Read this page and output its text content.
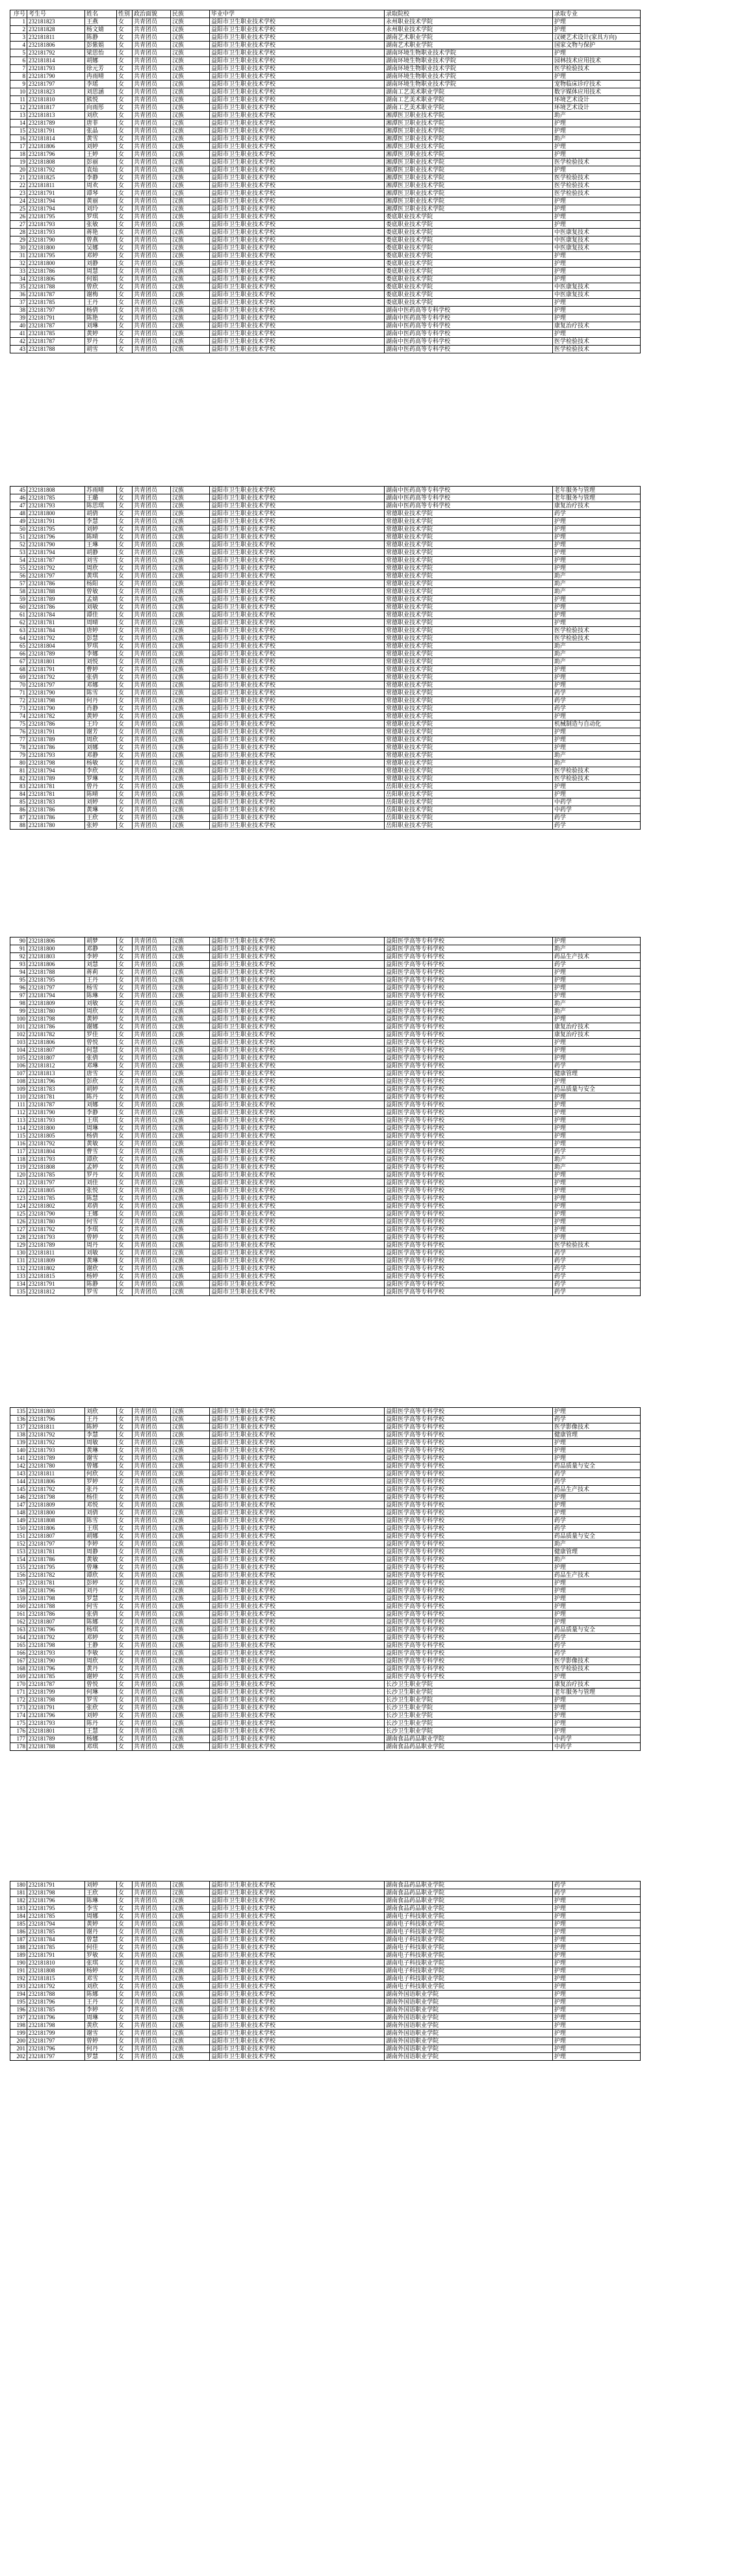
序号	考生号	姓名	性别	政治面貌	民族	毕业中学	录取院校	录取专业
1	232181823	王燕	女	共青团员	汉族	益阳市卫生职业技术学校	永州职业技术学院	护理
2	232181828	杨文婧	女	共青团员	汉族	益阳市卫生职业技术学校	永州职业技术学院	护理
3	232181811	陈静	女	共青团员	汉族	益阳市卫生职业技术学校	湖南艺术职业学院	汉硬艺术设计(家具方向)
4	232181806	彭紫娟	女	共青团员	汉族	益阳市卫生职业技术学校	湖南艺术职业学院	国家文物与保护
5	232181792	梁思怡	女	共青团员	汉族	益阳市卫生职业技术学校	湖南环境生物职业技术学院	护理
6	232181814	胡娜	女	共青团员	汉族	益阳市卫生职业技术学校	湖南环境生物职业技术学院	园林技术应用技术
7	232181793	徐元芳	女	共青团员	汉族	益阳市卫生职业技术学校	湖南环境生物职业技术学院	医学检验技术
8	232181790	冉雨晴	女	共青团员	汉族	益阳市卫生职业技术学校	湖南环境生物职业技术学院	护理
9	232181797	李瑶	女	共青团员	汉族	益阳市卫生职业技术学校	湖南环境生物职业技术学院	宠物临床诊疗技术
10	232181823	刘思涵	女	共青团员	汉族	益阳市卫生职业技术学校	湖南工艺美术职业学院	数字媒体应用技术
11	232181810	熊悦	女	共青团员	汉族	益阳市卫生职业技术学校	湖南工艺美术职业学院	环境艺术设计
12	232181817	向雨彤	女	共青团员	汉族	益阳市卫生职业技术学校	湖南工艺美术职业学院	环境艺术设计
13	232181813	刘欣	女	共青团员	汉族	益阳市卫生职业技术学校	湘潭医卫职业技术学院	助产
14	232181789	唐菲	女	共青团员	汉族	益阳市卫生职业技术学校	湘潭医卫职业技术学院	护理
15	232181791	张晶	女	共青团员	汉族	益阳市卫生职业技术学校	湘潭医卫职业技术学院	护理
16	232181814	黄雪	女	共青团员	汉族	益阳市卫生职业技术学校	湘潭医卫职业技术学院	助产
17	232181806	刘婷	女	共青团员	汉族	益阳市卫生职业技术学校	湘潭医卫职业技术学院	护理
18	232181796	王婷	女	共青团员	汉族	益阳市卫生职业技术学校	湘潭医卫职业技术学院	护理
19	232181808	彭丽	女	共青团员	汉族	益阳市卫生职业技术学校	湘潭医卫职业技术学院	医学检验技术
20	232181792	袁灿	女	共青团员	汉族	益阳市卫生职业技术学校	湘潭医卫职业技术学院	护理
21	232181825	李静	女	共青团员	汉族	益阳市卫生职业技术学校	湘潭医卫职业技术学院	医学检验技术
22	232181811	周欢	女	共青团员	汉族	益阳市卫生职业技术学校	湘潭医卫职业技术学院	医学检验技术
23	232181791	谭琴	女	共青团员	汉族	益阳市卫生职业技术学校	湘潭医卫职业技术学院	医学检验技术
24	232181794	黄丽	女	共青团员	汉族	益阳市卫生职业技术学校	湘潭医卫职业技术学院	护理
25	232181794	刘玲	女	共青团员	汉族	益阳市卫生职业技术学校	湘潭医卫职业技术学院	护理
26	232181795	罗琪	女	共青团员	汉族	益阳市卫生职业技术学校	娄底职业技术学院	护理
27	232181793	张敏	女	共青团员	汉族	益阳市卫生职业技术学校	娄底职业技术学院	护理
28	232181793	蒋艳	女	共青团员	汉族	益阳市卫生职业技术学校	娄底职业技术学院	中医康复技术
29	232181790	曾燕	女	共青团员	汉族	益阳市卫生职业技术学校	娄底职业技术学院	中医康复技术
30	232181800	吴娜	女	共青团员	汉族	益阳市卫生职业技术学校	娄底职业技术学院	中医康复技术
31	232181795	邓婷	女	共青团员	汉族	益阳市卫生职业技术学校	娄底职业技术学院	护理
32	232181800	刘静	女	共青团员	汉族	益阳市卫生职业技术学校	娄底职业技术学院	护理
33	232181786	周慧	女	共青团员	汉族	益阳市卫生职业技术学校	娄底职业技术学院	护理
34	232181806	何娟	女	共青团员	汉族	益阳市卫生职业技术学校	娄底职业技术学院	护理
35	232181788	曾欣	女	共青团员	汉族	益阳市卫生职业技术学校	娄底职业技术学院	中医康复技术
36	232181787	谢梅	女	共青团员	汉族	益阳市卫生职业技术学校	娄底职业技术学院	中医康复技术
37	232181785	王丹	女	共青团员	汉族	益阳市卫生职业技术学校	娄底职业技术学院	护理
38	232181797	杨倩	女	共青团员	汉族	益阳市卫生职业技术学校	湖南中医药高等专科学校	护理
39	232181791	陈艳	女	共青团员	汉族	益阳市卫生职业技术学校	湖南中医药高等专科学校	护理
40	232181787	刘琳	女	共青团员	汉族	益阳市卫生职业技术学校	湖南中医药高等专科学校	康复治疗技术
41	232181785	黄婷	女	共青团员	汉族	益阳市卫生职业技术学校	湖南中医药高等专科学校	护理
42	232181787	罗丹	女	共青团员	汉族	益阳市卫生职业技术学校	湖南中医药高等专科学校	医学检验技术
43	232181788	胡雪	女	共青团员	汉族	益阳市卫生职业技术学校	湖南中医药高等专科学校	医学检验技术
45	232181808	苏雨晴	女	共青团员	汉族	益阳市卫生职业技术学校	湖南中医药高等专科学校	老年服务与管理
46	232181785	王璐	女	共青团员	汉族	益阳市卫生职业技术学校	湖南中医药高等专科学校	老年服务与管理
47	232181793	陈思琪	女	共青团员	汉族	益阳市卫生职业技术学校	湖南中医药高等专科学校	康复治疗技术
48	232181800	胡倩	女	共青团员	汉族	益阳市卫生职业技术学校	常德职业技术学院	药学
49	232181791	李慧	女	共青团员	汉族	益阳市卫生职业技术学校	常德职业技术学院	护理
50	232181795	刘婷	女	共青团员	汉族	益阳市卫生职业技术学校	常德职业技术学院	护理
51	232181796	陈晴	女	共青团员	汉族	益阳市卫生职业技术学校	常德职业技术学院	护理
52	232181790	王琳	女	共青团员	汉族	益阳市卫生职业技术学校	常德职业技术学院	护理
53	232181794	胡静	女	共青团员	汉族	益阳市卫生职业技术学校	常德职业技术学院	护理
54	232181787	刘雪	女	共青团员	汉族	益阳市卫生职业技术学校	常德职业技术学院	护理
55	232181792	周欣	女	共青团员	汉族	益阳市卫生职业技术学校	常德职业技术学院	护理
56	232181797	黄琪	女	共青团员	汉族	益阳市卫生职业技术学校	常德职业技术学院	助产
57	232181786	杨阳	女	共青团员	汉族	益阳市卫生职业技术学校	常德职业技术学院	助产
58	232181788	曾敏	女	共青团员	汉族	益阳市卫生职业技术学校	常德职业技术学院	助产
59	232181789	孟婧	女	共青团员	汉族	益阳市卫生职业技术学校	常德职业技术学院	护理
60	232181786	刘敏	女	共青团员	汉族	益阳市卫生职业技术学校	常德职业技术学院	护理
61	232181784	谭佳	女	共青团员	汉族	益阳市卫生职业技术学校	常德职业技术学院	护理
62	232181781	周晴	女	共青团员	汉族	益阳市卫生职业技术学校	常德职业技术学院	护理
63	232181784	唐婷	女	共青团员	汉族	益阳市卫生职业技术学校	常德职业技术学院	医学检验技术
64	232181792	彭慧	女	共青团员	汉族	益阳市卫生职业技术学校	常德职业技术学院	医学检验技术
65	232181804	罗琪	女	共青团员	汉族	益阳市卫生职业技术学校	常德职业技术学院	助产
66	232181789	李娜	女	共青团员	汉族	益阳市卫生职业技术学校	常德职业技术学院	助产
67	232181801	刘悦	女	共青团员	汉族	益阳市卫生职业技术学校	常德职业技术学院	助产
68	232181791	曹婷	女	共青团员	汉族	益阳市卫生职业技术学校	常德职业技术学院	护理
69	232181792	张倩	女	共青团员	汉族	益阳市卫生职业技术学校	常德职业技术学院	护理
70	232181797	邓娜	女	共青团员	汉族	益阳市卫生职业技术学校	常德职业技术学院	护理
71	232181790	陈雪	女	共青团员	汉族	益阳市卫生职业技术学校	常德职业技术学院	药学
72	232181798	何丹	女	共青团员	汉族	益阳市卫生职业技术学校	常德职业技术学院	药学
73	232181790	肖静	女	共青团员	汉族	益阳市卫生职业技术学校	常德职业技术学院	药学
74	232181782	黄婷	女	共青团员	汉族	益阳市卫生职业技术学校	常德职业技术学院	护理
75	232181786	王玲	女	共青团员	汉族	益阳市卫生职业技术学校	常德职业技术学院	机械制造与自动化
76	232181791	谢芳	女	共青团员	汉族	益阳市卫生职业技术学校	常德职业技术学院	护理
77	232181789	周欣	女	共青团员	汉族	益阳市卫生职业技术学校	常德职业技术学院	护理
78	232181786	刘娜	女	共青团员	汉族	益阳市卫生职业技术学校	常德职业技术学院	护理
79	232181793	邓静	女	共青团员	汉族	益阳市卫生职业技术学校	常德职业技术学院	助产
80	232181798	杨敏	女	共青团员	汉族	益阳市卫生职业技术学校	常德职业技术学院	助产
81	232181794	李欣	女	共青团员	汉族	益阳市卫生职业技术学校	常德职业技术学院	医学检验技术
82	232181789	罗琳	女	共青团员	汉族	益阳市卫生职业技术学校	常德职业技术学院	医学检验技术
83	232181781	曾丹	女	共青团员	汉族	益阳市卫生职业技术学校	岳阳职业技术学院	护理
84	232181781	陈晴	女	共青团员	汉族	益阳市卫生职业技术学校	岳阳职业技术学院	护理
85	232181783	刘婷	女	共青团员	汉族	益阳市卫生职业技术学校	岳阳职业技术学院	中药学
86	232181786	黄琳	女	共青团员	汉族	益阳市卫生职业技术学校	岳阳职业技术学院	中药学
87	232181786	王欣	女	共青团员	汉族	益阳市卫生职业技术学校	岳阳职业技术学院	药学
88	232181780	张婷	女	共青团员	汉族	益阳市卫生职业技术学校	岳阳职业技术学院	药学
90	232181806	胡梦	女	共青团员	汉族	益阳市卫生职业技术学校	益阳医学高等专科学校	护理
91	232181800	邓静	女	共青团员	汉族	益阳市卫生职业技术学校	益阳医学高等专科学校	助产
92	232181803	李婷	女	共青团员	汉族	益阳市卫生职业技术学校	益阳医学高等专科学校	药品生产技术
93	232181806	刘慧	女	共青团员	汉族	益阳市卫生职业技术学校	益阳医学高等专科学校	药学
94	232181788	蒋莉	女	共青团员	汉族	益阳市卫生职业技术学校	益阳医学高等专科学校	护理
95	232181795	王丹	女	共青团员	汉族	益阳市卫生职业技术学校	益阳医学高等专科学校	护理
96	232181797	杨雪	女	共青团员	汉族	益阳市卫生职业技术学校	益阳医学高等专科学校	护理
97	232181794	陈琳	女	共青团员	汉族	益阳市卫生职业技术学校	益阳医学高等专科学校	护理
98	232181809	刘敏	女	共青团员	汉族	益阳市卫生职业技术学校	益阳医学高等专科学校	助产
99	232181780	周欣	女	共青团员	汉族	益阳市卫生职业技术学校	益阳医学高等专科学校	助产
100	232181798	黄婷	女	共青团员	汉族	益阳市卫生职业技术学校	益阳医学高等专科学校	护理
101	232181786	谢娜	女	共青团员	汉族	益阳市卫生职业技术学校	益阳医学高等专科学校	康复治疗技术
102	232181782	罗佳	女	共青团员	汉族	益阳市卫生职业技术学校	益阳医学高等专科学校	康复治疗技术
103	232181806	曾悦	女	共青团员	汉族	益阳市卫生职业技术学校	益阳医学高等专科学校	护理
104	232181807	何慧	女	共青团员	汉族	益阳市卫生职业技术学校	益阳医学高等专科学校	护理
105	232181807	张倩	女	共青团员	汉族	益阳市卫生职业技术学校	益阳医学高等专科学校	护理
106	232181812	邓琳	女	共青团员	汉族	益阳市卫生职业技术学校	益阳医学高等专科学校	药学
107	232181813	唐雪	女	共青团员	汉族	益阳市卫生职业技术学校	益阳医学高等专科学校	健康管理
108	232181796	彭欣	女	共青团员	汉族	益阳市卫生职业技术学校	益阳医学高等专科学校	护理
109	232181783	胡婷	女	共青团员	汉族	益阳市卫生职业技术学校	益阳医学高等专科学校	药品质量与安全
110	232181781	陈丹	女	共青团员	汉族	益阳市卫生职业技术学校	益阳医学高等专科学校	护理
111	232181787	刘娜	女	共青团员	汉族	益阳市卫生职业技术学校	益阳医学高等专科学校	护理
112	232181790	李静	女	共青团员	汉族	益阳市卫生职业技术学校	益阳医学高等专科学校	护理
113	232181793	王琪	女	共青团员	汉族	益阳市卫生职业技术学校	益阳医学高等专科学校	护理
114	232181800	周琳	女	共青团员	汉族	益阳市卫生职业技术学校	益阳医学高等专科学校	护理
115	232181805	杨倩	女	共青团员	汉族	益阳市卫生职业技术学校	益阳医学高等专科学校	护理
116	232181792	黄敏	女	共青团员	汉族	益阳市卫生职业技术学校	益阳医学高等专科学校	护理
117	232181804	曹雪	女	共青团员	汉族	益阳市卫生职业技术学校	益阳医学高等专科学校	药学
118	232181793	谭欣	女	共青团员	汉族	益阳市卫生职业技术学校	益阳医学高等专科学校	助产
119	232181808	孟婷	女	共青团员	汉族	益阳市卫生职业技术学校	益阳医学高等专科学校	助产
120	232181785	罗丹	女	共青团员	汉族	益阳市卫生职业技术学校	益阳医学高等专科学校	护理
121	232181797	刘佳	女	共青团员	汉族	益阳市卫生职业技术学校	益阳医学高等专科学校	护理
122	232181805	张悦	女	共青团员	汉族	益阳市卫生职业技术学校	益阳医学高等专科学校	护理
123	232181785	陈慧	女	共青团员	汉族	益阳市卫生职业技术学校	益阳医学高等专科学校	护理
124	232181802	邓倩	女	共青团员	汉族	益阳市卫生职业技术学校	益阳医学高等专科学校	护理
125	232181790	王娜	女	共青团员	汉族	益阳市卫生职业技术学校	益阳医学高等专科学校	护理
126	232181780	何雪	女	共青团员	汉族	益阳市卫生职业技术学校	益阳医学高等专科学校	护理
127	232181792	李琪	女	共青团员	汉族	益阳市卫生职业技术学校	益阳医学高等专科学校	护理
128	232181793	曾婷	女	共青团员	汉族	益阳市卫生职业技术学校	益阳医学高等专科学校	护理
129	232181789	周丹	女	共青团员	汉族	益阳市卫生职业技术学校	益阳医学高等专科学校	医学检验技术
130	232181811	刘敏	女	共青团员	汉族	益阳市卫生职业技术学校	益阳医学高等专科学校	药学
131	232181809	黄琳	女	共青团员	汉族	益阳市卫生职业技术学校	益阳医学高等专科学校	药学
132	232181802	谢欣	女	共青团员	汉族	益阳市卫生职业技术学校	益阳医学高等专科学校	药学
133	232181815	杨婷	女	共青团员	汉族	益阳市卫生职业技术学校	益阳医学高等专科学校	药学
134	232181791	陈静	女	共青团员	汉族	益阳市卫生职业技术学校	益阳医学高等专科学校	药学
135	232181812	罗雪	女	共青团员	汉族	益阳市卫生职业技术学校	益阳医学高等专科学校	药学
135	232181803	刘欣	女	共青团员	汉族	益阳市卫生职业技术学校	益阳医学高等专科学校	护理
136	232181796	王丹	女	共青团员	汉族	益阳市卫生职业技术学校	益阳医学高等专科学校	药学
137	232181811	陈婷	女	共青团员	汉族	益阳市卫生职业技术学校	益阳医学高等专科学校	医学影像技术
138	232181792	李慧	女	共青团员	汉族	益阳市卫生职业技术学校	益阳医学高等专科学校	健康管理
139	232181792	周敏	女	共青团员	汉族	益阳市卫生职业技术学校	益阳医学高等专科学校	护理
140	232181793	黄琳	女	共青团员	汉族	益阳市卫生职业技术学校	益阳医学高等专科学校	护理
141	232181789	谢雪	女	共青团员	汉族	益阳市卫生职业技术学校	益阳医学高等专科学校	护理
142	232181780	曾娜	女	共青团员	汉族	益阳市卫生职业技术学校	益阳医学高等专科学校	药品质量与安全
143	232181811	何欣	女	共青团员	汉族	益阳市卫生职业技术学校	益阳医学高等专科学校	药学
144	232181806	罗婷	女	共青团员	汉族	益阳市卫生职业技术学校	益阳医学高等专科学校	药学
145	232181792	张丹	女	共青团员	汉族	益阳市卫生职业技术学校	益阳医学高等专科学校	药品生产技术
146	232181798	杨佳	女	共青团员	汉族	益阳市卫生职业技术学校	益阳医学高等专科学校	护理
147	232181809	邓悦	女	共青团员	汉族	益阳市卫生职业技术学校	益阳医学高等专科学校	护理
148	232181800	刘倩	女	共青团员	汉族	益阳市卫生职业技术学校	益阳医学高等专科学校	护理
149	232181808	陈雪	女	共青团员	汉族	益阳市卫生职业技术学校	益阳医学高等专科学校	药学
150	232181806	王琪	女	共青团员	汉族	益阳市卫生职业技术学校	益阳医学高等专科学校	药学
151	232181807	胡娜	女	共青团员	汉族	益阳市卫生职业技术学校	益阳医学高等专科学校	药品质量与安全
152	232181797	李婷	女	共青团员	汉族	益阳市卫生职业技术学校	益阳医学高等专科学校	助产
153	232181781	周静	女	共青团员	汉族	益阳市卫生职业技术学校	益阳医学高等专科学校	健康管理
154	232181786	黄敏	女	共青团员	汉族	益阳市卫生职业技术学校	益阳医学高等专科学校	助产
155	232181795	曾琳	女	共青团员	汉族	益阳市卫生职业技术学校	益阳医学高等专科学校	护理
156	232181782	谭欣	女	共青团员	汉族	益阳市卫生职业技术学校	益阳医学高等专科学校	药品生产技术
157	232181781	彭婷	女	共青团员	汉族	益阳市卫生职业技术学校	益阳医学高等专科学校	护理
158	232181796	刘丹	女	共青团员	汉族	益阳市卫生职业技术学校	益阳医学高等专科学校	护理
159	232181798	罗慧	女	共青团员	汉族	益阳市卫生职业技术学校	益阳医学高等专科学校	护理
160	232181788	何雪	女	共青团员	汉族	益阳市卫生职业技术学校	益阳医学高等专科学校	护理
161	232181786	张倩	女	共青团员	汉族	益阳市卫生职业技术学校	益阳医学高等专科学校	护理
162	232181807	陈娜	女	共青团员	汉族	益阳市卫生职业技术学校	益阳医学高等专科学校	护理
163	232181796	杨琪	女	共青团员	汉族	益阳市卫生职业技术学校	益阳医学高等专科学校	药品质量与安全
164	232181792	邓婷	女	共青团员	汉族	益阳市卫生职业技术学校	益阳医学高等专科学校	药学
165	232181798	王静	女	共青团员	汉族	益阳市卫生职业技术学校	益阳医学高等专科学校	药学
166	232181793	李敏	女	共青团员	汉族	益阳市卫生职业技术学校	益阳医学高等专科学校	药学
167	232181790	周欣	女	共青团员	汉族	益阳市卫生职业技术学校	益阳医学高等专科学校	医学影像技术
168	232181796	黄丹	女	共青团员	汉族	益阳市卫生职业技术学校	益阳医学高等专科学校	医学检验技术
169	232181785	谢婷	女	共青团员	汉族	益阳市卫生职业技术学校	益阳医学高等专科学校	护理
170	232181787	曾悦	女	共青团员	汉族	益阳市卫生职业技术学校	长沙卫生职业学院	康复治疗技术
171	232181799	何琳	女	共青团员	汉族	益阳市卫生职业技术学校	长沙卫生职业学院	老年服务与管理
172	232181798	罗雪	女	共青团员	汉族	益阳市卫生职业技术学校	长沙卫生职业学院	护理
173	232181791	张欣	女	共青团员	汉族	益阳市卫生职业技术学校	长沙卫生职业学院	护理
174	232181796	刘婷	女	共青团员	汉族	益阳市卫生职业技术学校	长沙卫生职业学院	护理
175	232181793	陈丹	女	共青团员	汉族	益阳市卫生职业技术学校	长沙卫生职业学院	护理
176	232181801	王慧	女	共青团员	汉族	益阳市卫生职业技术学校	长沙卫生职业学院	护理
177	232181789	杨娜	女	共青团员	汉族	益阳市卫生职业技术学校	湖南食品药品职业学院	中药学
178	232181788	邓琪	女	共青团员	汉族	益阳市卫生职业技术学校	湖南食品药品职业学院	中药学
180	232181791	刘婷	女	共青团员	汉族	益阳市卫生职业技术学校	湖南食品药品职业学院	药学
181	232181798	王欣	女	共青团员	汉族	益阳市卫生职业技术学校	湖南食品药品职业学院	药学
182	232181796	陈琳	女	共青团员	汉族	益阳市卫生职业技术学校	湖南食品药品职业学院	护理
183	232181795	李雪	女	共青团员	汉族	益阳市卫生职业技术学校	湖南食品药品职业学院	护理
184	232181785	周娜	女	共青团员	汉族	益阳市卫生职业技术学校	湖南电子科技职业学院	护理
185	232181794	黄婷	女	共青团员	汉族	益阳市卫生职业技术学校	湖南电子科技职业学院	护理
186	232181785	谢丹	女	共青团员	汉族	益阳市卫生职业技术学校	湖南电子科技职业学院	护理
187	232181784	曾慧	女	共青团员	汉族	益阳市卫生职业技术学校	湖南电子科技职业学院	护理
188	232181785	何佳	女	共青团员	汉族	益阳市卫生职业技术学校	湖南电子科技职业学院	护理
189	232181791	罗敏	女	共青团员	汉族	益阳市卫生职业技术学校	湖南电子科技职业学院	护理
190	232181810	张琪	女	共青团员	汉族	益阳市卫生职业技术学校	湖南电子科技职业学院	护理
191	232181808	杨婷	女	共青团员	汉族	益阳市卫生职业技术学校	湖南电子科技职业学院	护理
192	232181815	邓雪	女	共青团员	汉族	益阳市卫生职业技术学校	湖南电子科技职业学院	护理
193	232181792	刘欣	女	共青团员	汉族	益阳市卫生职业技术学校	湖南电子科技职业学院	护理
194	232181788	陈娜	女	共青团员	汉族	益阳市卫生职业技术学校	湖南外国语职业学院	护理
195	232181796	王丹	女	共青团员	汉族	益阳市卫生职业技术学校	湖南外国语职业学院	护理
196	232181785	李婷	女	共青团员	汉族	益阳市卫生职业技术学校	湖南外国语职业学院	护理
197	232181796	周琳	女	共青团员	汉族	益阳市卫生职业技术学校	湖南外国语职业学院	护理
198	232181798	黄欣	女	共青团员	汉族	益阳市卫生职业技术学校	湖南外国语职业学院	护理
199	232181799	谢雪	女	共青团员	汉族	益阳市卫生职业技术学校	湖南外国语职业学院	护理
200	232181797	曾婷	女	共青团员	汉族	益阳市卫生职业技术学校	湖南外国语职业学院	护理
201	232181796	何丹	女	共青团员	汉族	益阳市卫生职业技术学校	湖南外国语职业学院	护理
202	232181797	罗慧	女	共青团员	汉族	益阳市卫生职业技术学校	湖南外国语职业学院	护理
